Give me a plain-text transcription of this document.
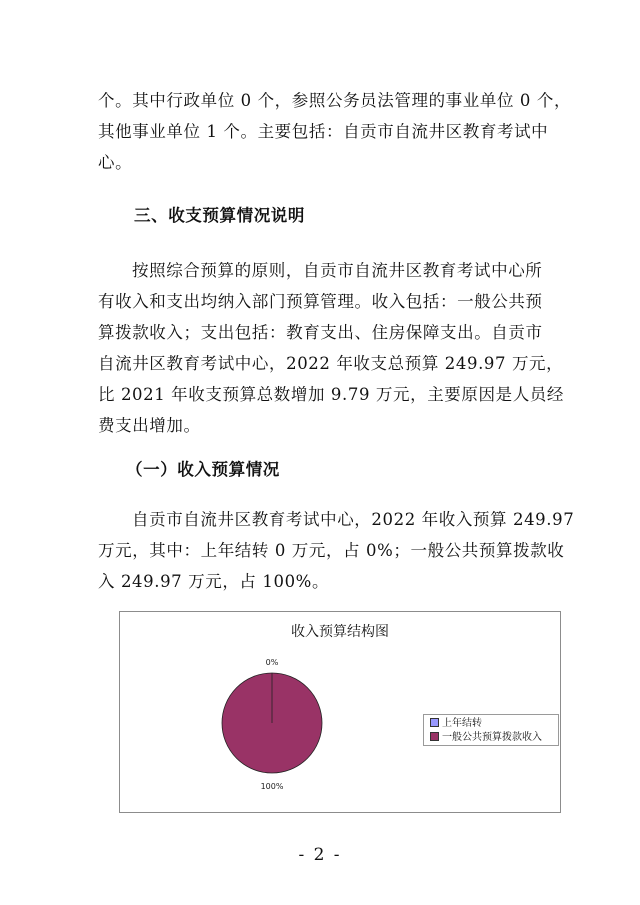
个。其中行政单位 0 个，参照公务员法管理的事业单位 0 个，
其他事业单位 1 个。主要包括：自贡市自流井区教育考试中
心。
三、收支预算情况说明
按照综合预算的原则，自贡市自流井区教育考试中心所
有收入和支出均纳入部门预算管理。收入包括：一般公共预
算拨款收入；支出包括：教育支出、住房保障支出。自贡市
自流井区教育考试中心，2022 年收支总预算 249.97 万元，
比 2021 年收支预算总数增加 9.79 万元，主要原因是人员经
费支出增加。
（一）收入预算情况
自贡市自流井区教育考试中心，2022 年收入预算 249.97
万元，其中：上年结转 0 万元，占 0%；一般公共预算拨款收
入 249.97 万元，占 100%。
收入预算结构图
0%
100%
上年结转
一般公共预算拨款收入
- 2 -
